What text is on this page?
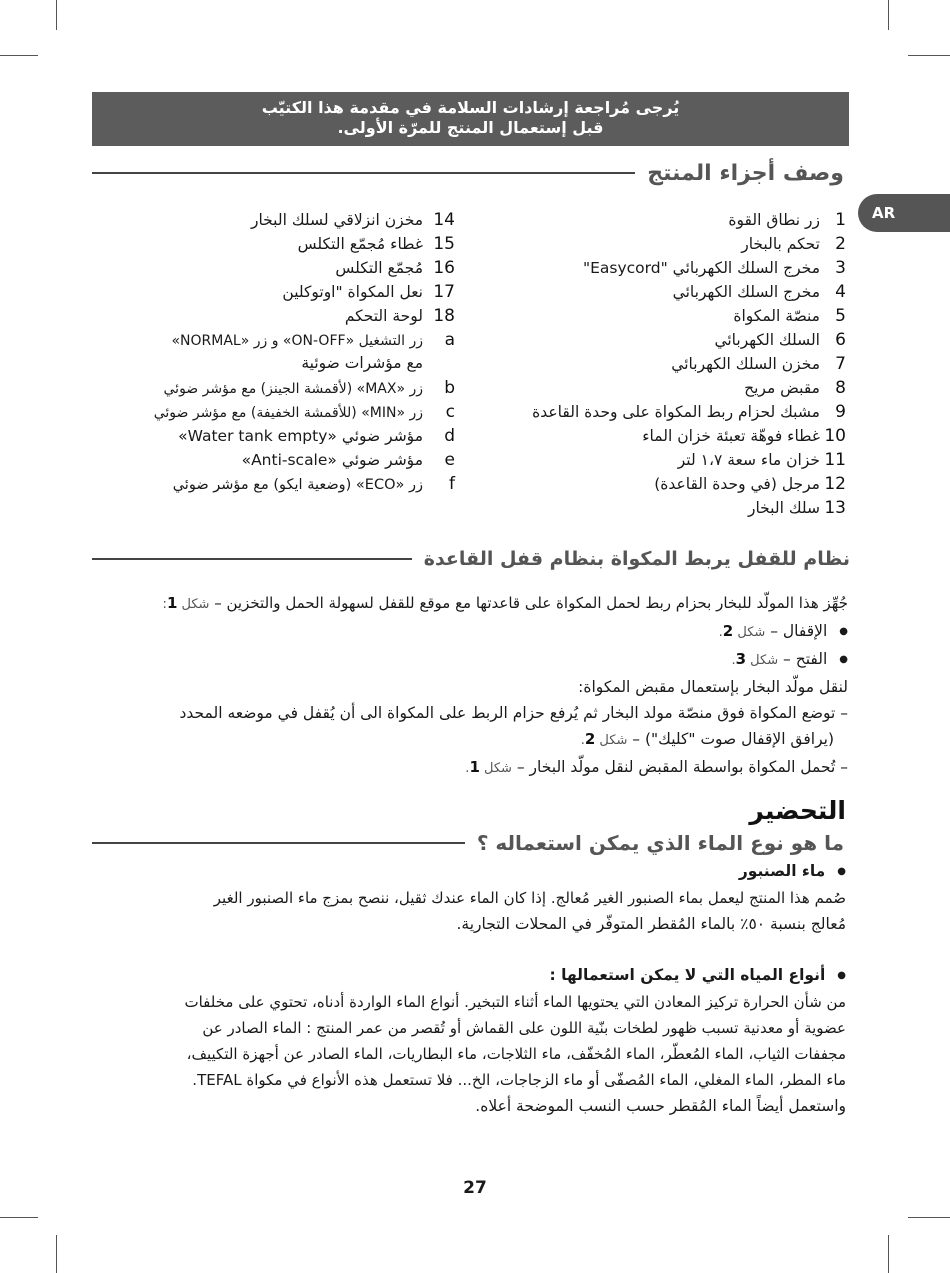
يُرجى مُراجعة إرشادات السلامة في مقدمة هذا الكتيّب
قبل إستعمال المنتج للمرّة الأولى.
وصف أجزاء المنتج
AR
1
زر نطاق القوة
2
تحكم بالبخار
3
مخرج السلك الكهربائي "Easycord"
4
مخرج السلك الكهربائي
5
منصّة المكواة
6
السلك الكهربائي
7
مخزن السلك الكهربائي
8
مقبض مريح
9
مشبك لحزام ربط المكواة على وحدة القاعدة
10
غطاء فوهّة تعبئة خزان الماء
11
خزان ماء سعة ١،٧ لتر
12
مرجل (في وحدة القاعدة)
13
سلك البخار
14
مخزن انزلاقي لسلك البخار
15
غطاء مُجمّع التكلس
16
مُجمّع التكلس
17
نعل المكواة "اوتوكلين
18
لوحة التحكم
a
زر التشغيل «ON-OFF» و زر «NORMAL»
مع مؤشرات ضوئية
b
زر «MAX» (لأقمشة الجينز) مع مؤشر ضوئي
c
زر «MIN» (للأقمشة الخفيفة) مع مؤشر ضوئي
d
مؤشر ضوئي «Water tank empty»
e
مؤشر ضوئي «Anti-scale»
f
زر «ECO» (وضعية ايكو) مع مؤشر ضوئي
نظام للقفل يربط المكواة بنظام قفل القاعدة
جُهِّز هذا المولّد للبخار بحزام ربط لحمل المكواة على قاعدتها مع موقع للقفل لسهولة الحمل والتخزين – شكل 1:
● الإقفال – شكل 2.
● الفتح – شكل 3.
لنقل مولّد البخار بإستعمال مقبض المكواة:
– توضع المكواة فوق منصّة مولد البخار ثم يُرفع حزام الربط على المكواة الى أن يُقفل في موضعه المحدد
(يرافق الإقفال صوت "كليك") – شكل 2.
– تُحمل المكواة بواسطة المقبض لنقل مولّد البخار – شكل 1.
التحضير
ما هو نوع الماء الذي يمكن استعماله ؟
● ماء الصنبور
صُمم هذا المنتج ليعمل بماء الصنبور الغير مُعالج. إذا كان الماء عندك ثقيل، ننصح بمزج ماء الصنبور الغير
مُعالج بنسبة ٥٠٪ بالماء المُقطر المتوفّر في المحلات التجارية.
● أنواع المياه التي لا يمكن استعمالها :
من شأن الحرارة تركيز المعادن التي يحتويها الماء أثناء التبخير. أنواع الماء الواردة أدناه، تحتوي على مخلفات
عضوية أو معدنية تسبب ظهور لطخات بنّية اللون على القماش أو تُقصر من عمر المنتج : الماء الصادر عن
مجففات الثياب، الماء المُعطّر، الماء المُخفّف، ماء الثلاجات، ماء البطاريات، الماء الصادر عن أجهزة التكييف،
ماء المطر، الماء المغلي، الماء المُصفّى أو ماء الزجاجات، الخ... فلا تستعمل هذه الأنواع في مكواة TEFAL.
واستعمل أيضاً الماء المُقطر حسب النسب الموضحة أعلاه.
27
